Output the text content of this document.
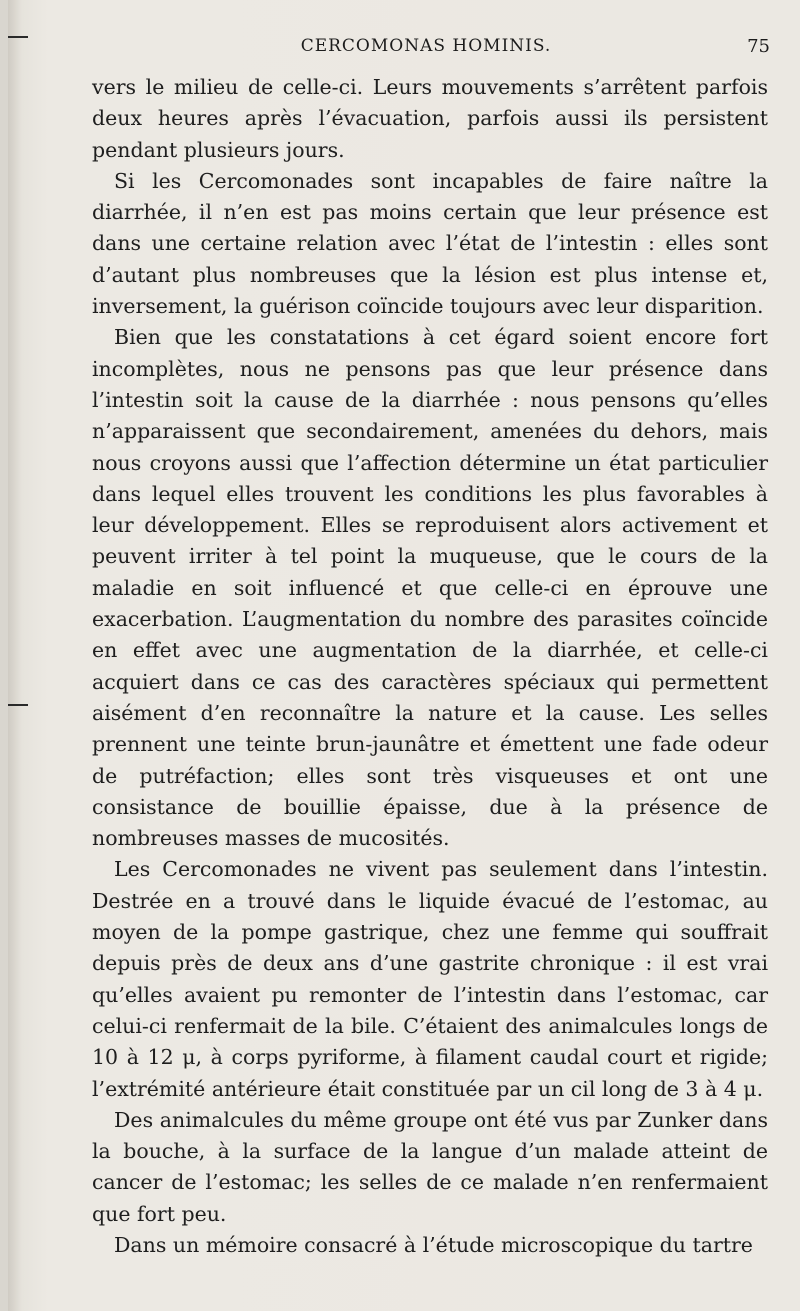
CERCOMONAS HOMINIS.	75

vers le milieu de celle-ci. Leurs mouvements s’arrêtent parfois deux heures après l’évacuation, parfois aussi ils persistent pendant plusieurs jours.

Si les Cercomonades sont incapables de faire naître la diarrhée, il n’en est pas moins certain que leur présence est dans une certaine relation avec l’état de l’intestin : elles sont d’autant plus nombreuses que la lésion est plus intense et, inversement, la guérison coïncide toujours avec leur disparition.

Bien que les constatations à cet égard soient encore fort incomplètes, nous ne pensons pas que leur présence dans l’intestin soit la cause de la diarrhée : nous pensons qu’elles n’apparaissent que secondairement, amenées du dehors, mais nous croyons aussi que l’affection détermine un état particulier dans lequel elles trouvent les conditions les plus favorables à leur développement. Elles se reproduisent alors activement et peuvent irriter à tel point la muqueuse, que le cours de la maladie en soit influencé et que celle-ci en éprouve une exacerbation. L’augmentation du nombre des parasites coïncide en effet avec une augmentation de la diarrhée, et celle-ci acquiert dans ce cas des caractères spéciaux qui permettent aisément d’en reconnaître la nature et la cause. Les selles prennent une teinte brun-jaunâtre et émettent une fade odeur de putréfaction; elles sont très visqueuses et ont une consistance de bouillie épaisse, due à la présence de nombreuses masses de mucosités.

Les Cercomonades ne vivent pas seulement dans l’intestin. Destrée en a trouvé dans le liquide évacué de l’estomac, au moyen de la pompe gastrique, chez une femme qui souffrait depuis près de deux ans d’une gastrite chronique : il est vrai qu’elles avaient pu remonter de l’intestin dans l’estomac, car celui-ci renfermait de la bile. C’étaient des animalcules longs de 10 à 12 μ, à corps pyriforme, à filament caudal court et rigide; l’extrémité antérieure était constituée par un cil long de 3 à 4 μ.

Des animalcules du même groupe ont été vus par Zunker dans la bouche, à la surface de la langue d’un malade atteint de cancer de l’estomac; les selles de ce malade n’en renfermaient que fort peu.

Dans un mémoire consacré à l’étude microscopique du tartre
